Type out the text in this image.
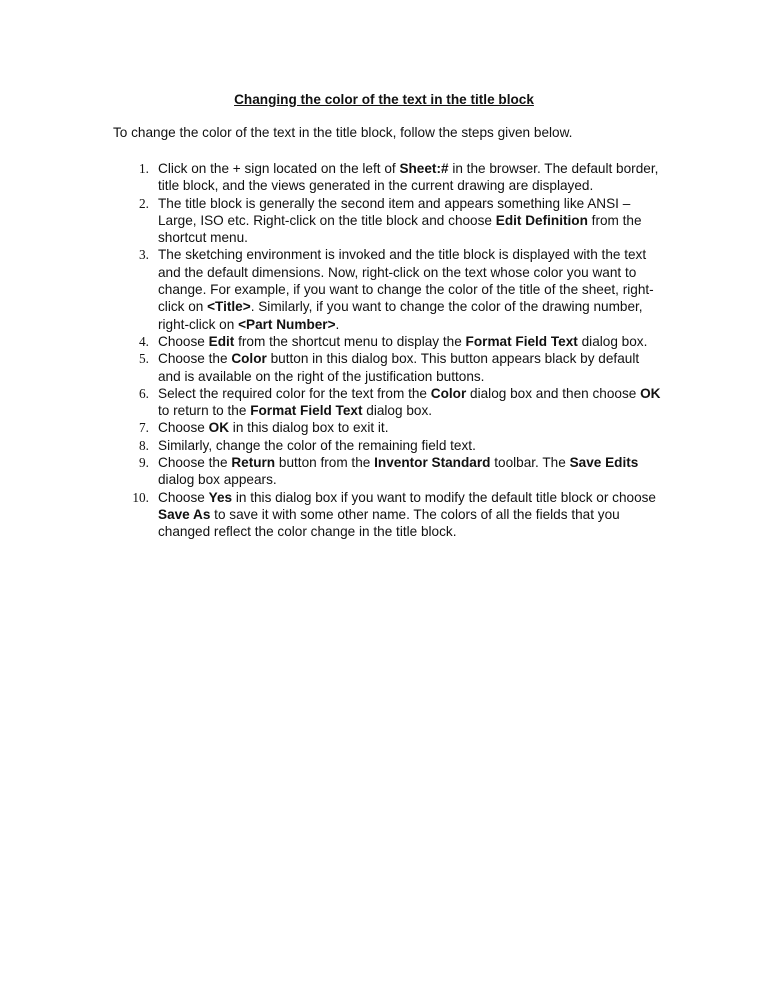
Changing the color of the text in the title block
To change the color of the text in the title block, follow the steps given below.
1. Click on the + sign located on the left of Sheet:# in the browser. The default border, title block, and the views generated in the current drawing are displayed.
2. The title block is generally the second item and appears something like ANSI – Large, ISO etc. Right-click on the title block and choose Edit Definition from the shortcut menu.
3. The sketching environment is invoked and the title block is displayed with the text and the default dimensions. Now, right-click on the text whose color you want to change. For example, if you want to change the color of the title of the sheet, right-click on <Title>. Similarly, if you want to change the color of the drawing number, right-click on <Part Number>.
4. Choose Edit from the shortcut menu to display the Format Field Text dialog box.
5. Choose the Color button in this dialog box. This button appears black by default and is available on the right of the justification buttons.
6. Select the required color for the text from the Color dialog box and then choose OK to return to the Format Field Text dialog box.
7. Choose OK in this dialog box to exit it.
8. Similarly, change the color of the remaining field text.
9. Choose the Return button from the Inventor Standard toolbar. The Save Edits dialog box appears.
10. Choose Yes in this dialog box if you want to modify the default title block or choose Save As to save it with some other name. The colors of all the fields that you changed reflect the color change in the title block.
